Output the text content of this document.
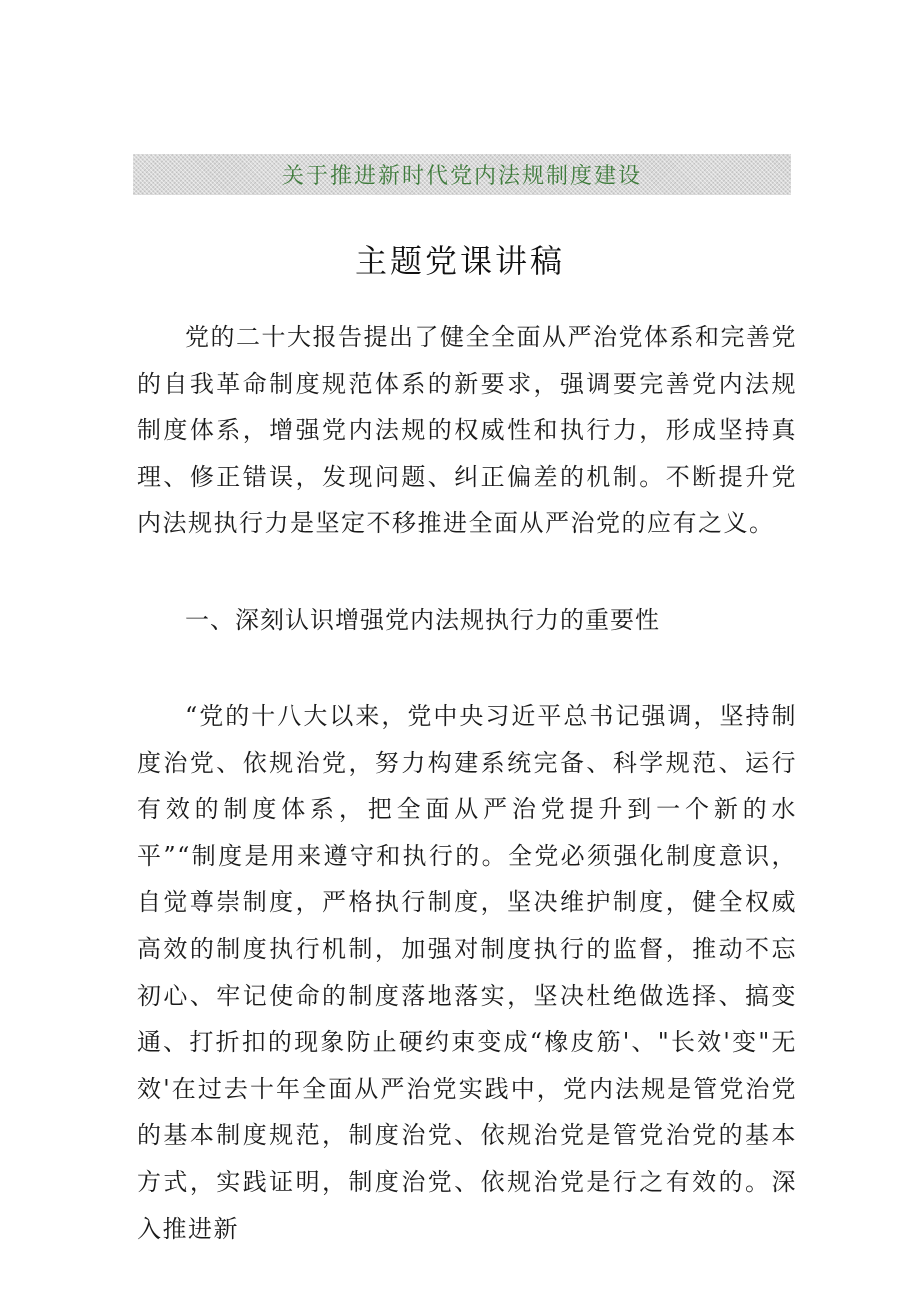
关于推进新时代党内法规制度建设
主题党课讲稿

党的二十大报告提出了健全全面从严治党体系和完善党的自我革命制度规范体系的新要求，强调要完善党内法规制度体系，增强党内法规的权威性和执行力，形成坚持真理、修正错误，发现问题、纠正偏差的机制。不断提升党内法规执行力是坚定不移推进全面从严治党的应有之义。

一、深刻认识增强党内法规执行力的重要性

“党的十八大以来，党中央习近平总书记强调，坚持制度治党、依规治党，努力构建系统完备、科学规范、运行有效的制度体系，把全面从严治党提升到一个新的水平”“制度是用来遵守和执行的。全党必须强化制度意识，自觉尊崇制度，严格执行制度，坚决维护制度，健全权威高效的制度执行机制，加强对制度执行的监督，推动不忘初心、牢记使命的制度落地落实，坚决杜绝做选择、搞变通、打折扣的现象防止硬约束变成“橡皮筋'、"长效'变"无效'在过去十年全面从严治党实践中，党内法规是管党治党的基本制度规范，制度治党、依规治党是管党治党的基本方式，实践证明，制度治党、依规治党是行之有效的。深入推进新
